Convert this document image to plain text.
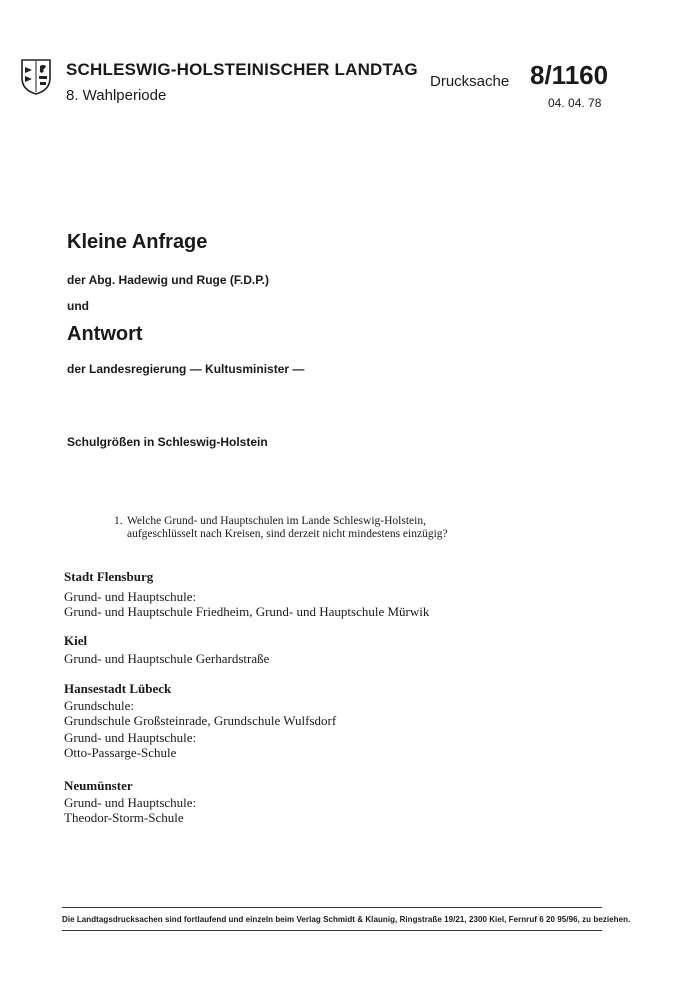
SCHLESWIG-HOLSTEINISCHER LANDTAG
8. Wahlperiode
Drucksache 8/1160
04. 04. 78
Kleine Anfrage
der Abg. Hadewig und Ruge (F.D.P.)
und
Antwort
der Landesregierung — Kultusminister —
Schulgrößen in Schleswig-Holstein
1. Welche Grund- und Hauptschulen im Lande Schleswig-Holstein, aufgeschlüsselt nach Kreisen, sind derzeit nicht mindestens einzügig?
Stadt Flensburg
Grund- und Hauptschule:
Grund- und Hauptschule Friedheim, Grund- und Hauptschule Mürwik
Kiel
Grund- und Hauptschule Gerhardstraße
Hansestadt Lübeck
Grundschule:
Grundschule Großsteinrade, Grundschule Wulfsdorf
Grund- und Hauptschule:
Otto-Passarge-Schule
Neumünster
Grund- und Hauptschule:
Theodor-Storm-Schule
Die Landtagsdrucksachen sind fortlaufend und einzeln beim Verlag Schmidt & Klaunig, Ringstraße 19/21, 2300 Kiel, Fernruf 6 20 95/96, zu beziehen.
